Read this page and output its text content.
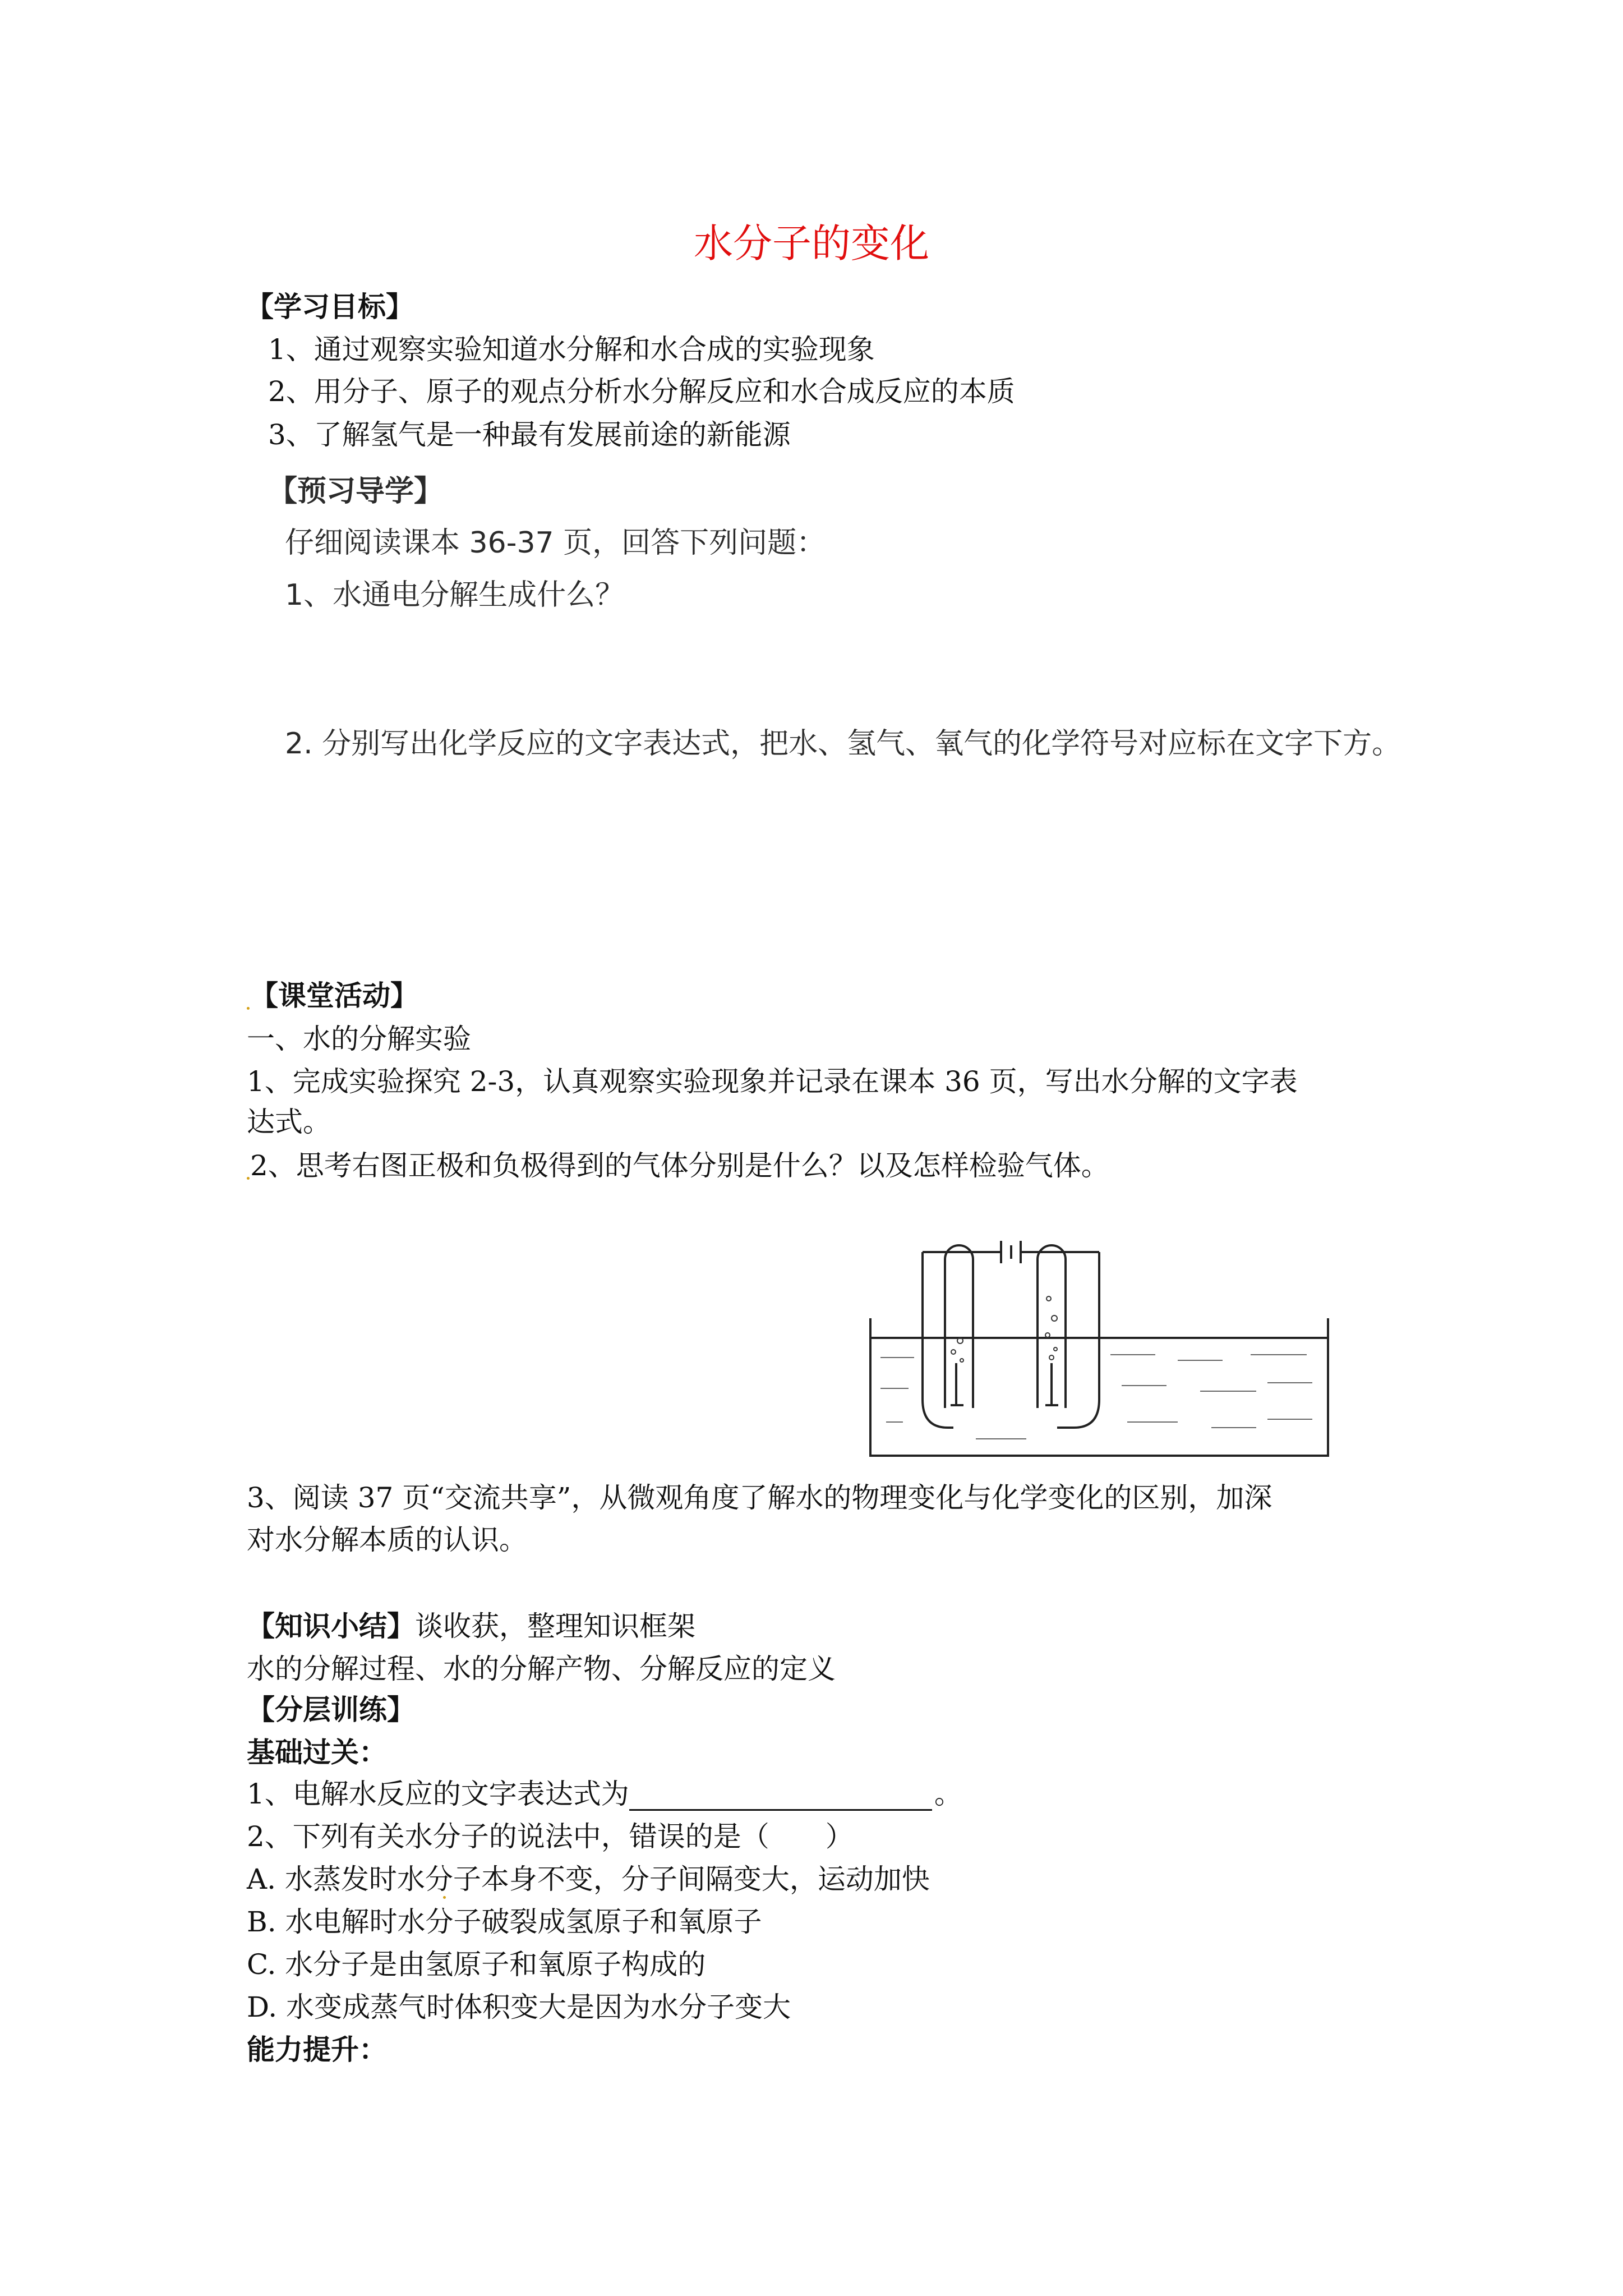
水分子的变化
【学习目标】
1、通过观察实验知道水分解和水合成的实验现象
2、用分子、原子的观点分析水分解反应和水合成反应的本质
3、了解氢气是一种最有发展前途的新能源
【预习导学】
仔细阅读课本 36-37 页，回答下列问题：
1、水通电分解生成什么？
2. 分别写出化学反应的文字表达式，把水、氢气、氧气的化学符号对应标在文字下方。
【课堂活动】
一、水的分解实验
1、完成实验探究 2-3，认真观察实验现象并记录在课本 36 页，写出水分解的文字表
达式。
2、思考右图正极和负极得到的气体分别是什么？以及怎样检验气体。
3、阅读 37 页“交流共享”，从微观角度了解水的物理变化与化学变化的区别，加深
对水分解本质的认识。
【知识小结】谈收获，整理知识框架
水的分解过程、水的分解产物、分解反应的定义
【分层训练】
基础过关：
1、电解水反应的文字表达式为	。
2、下列有关水分子的说法中，错误的是（　　）
A. 水蒸发时水分子本身不变，分子间隔变大，运动加快
B. 水电解时水分子破裂成氢原子和氧原子
C. 水分子是由氢原子和氧原子构成的
D. 水变成蒸气时体积变大是因为水分子变大
能力提升：
